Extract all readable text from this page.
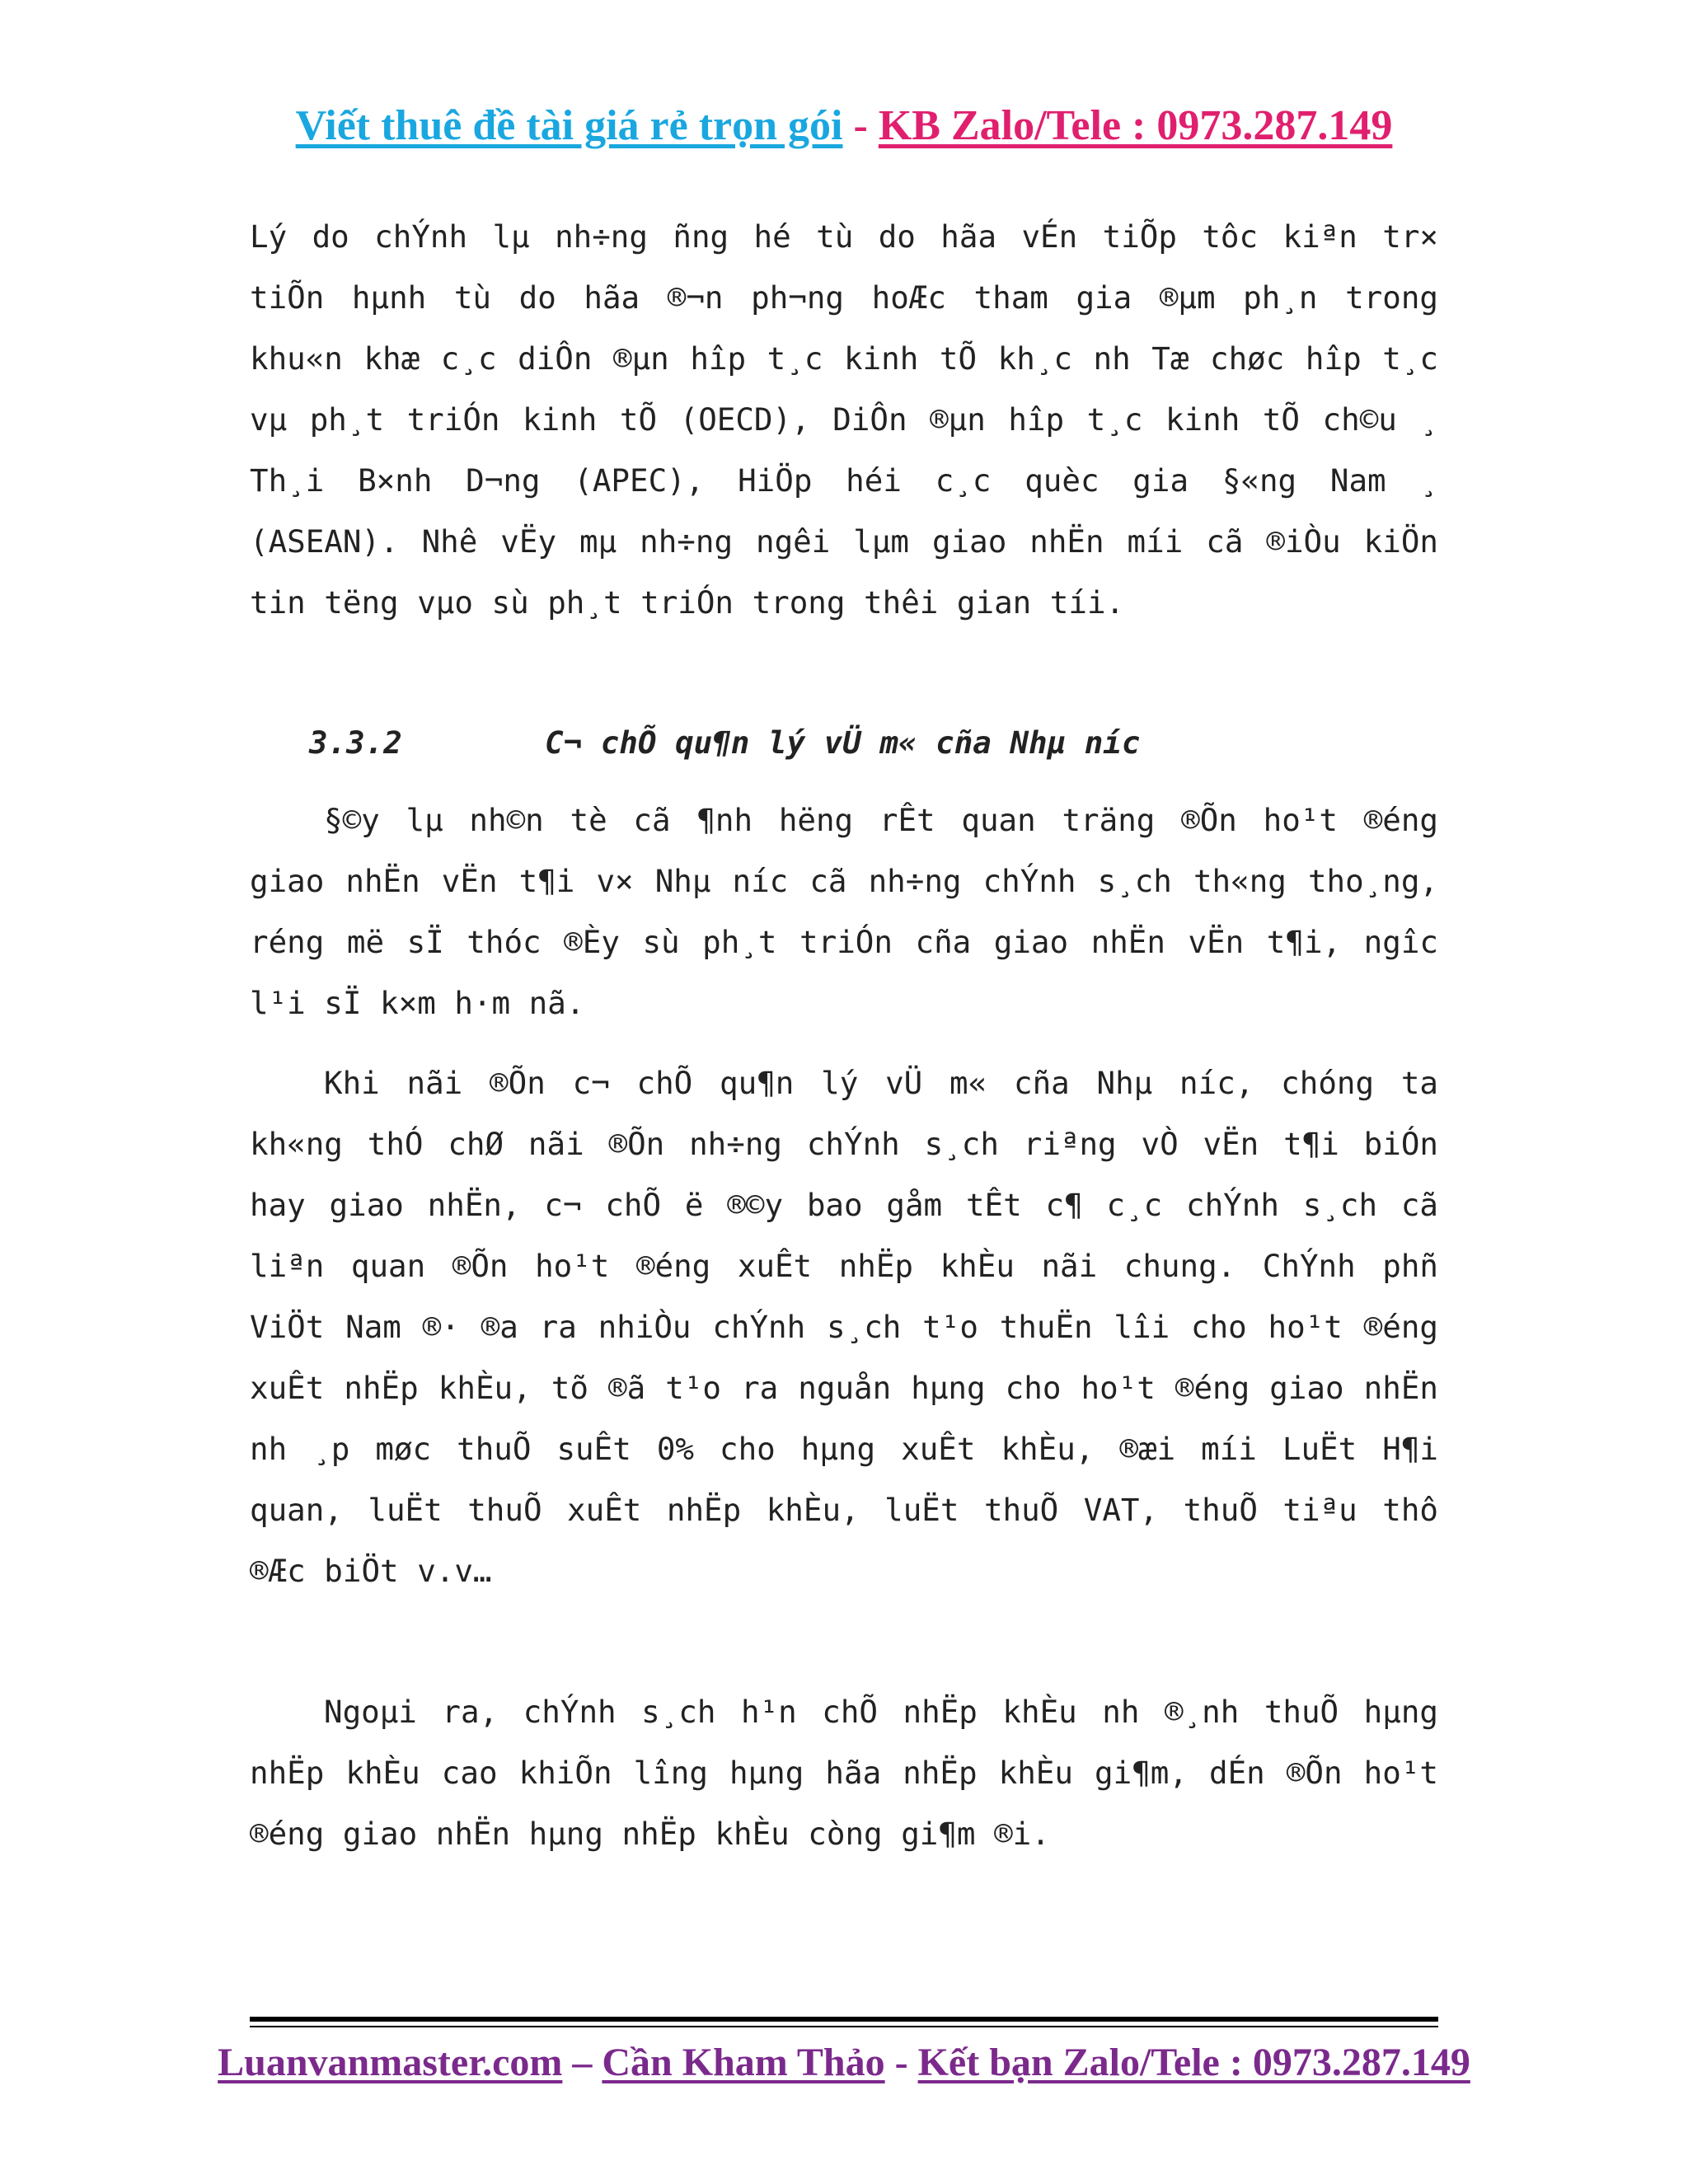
Viết thuê đề tài giá rẻ trọn gói - KB Zalo/Tele : 0973.287.149

Lý do chÝnh lµ nh÷ng ñng hé tù do hãa vÉn tiÕp tôc kiªn tr× tiÕn hµnh tù do hãa ®¬n ph¬ng hoÆc tham gia ®µm ph¸n trong khu«n khæ c¸c diÔn ®µn hîp t¸c kinh tÕ kh¸c nh Tæ chøc hîp t¸c vµ ph¸t triÓn kinh tÕ (OECD), DiÔn ®µn hîp t¸c kinh tÕ ch©u ¸ Th¸i B×nh D¬ng (APEC), HiÖp héi c¸c quèc gia §«ng Nam ¸ (ASEAN). Nhê vËy mµ nh÷ng ngêi lµm giao nhËn míi cã ®iÒu kiÖn tin tëng vµo sù ph¸t triÓn trong thêi gian tíi.

§©y lµ nh©n tè cã ¶nh hëng rÊt quan träng ®Õn ho¹t ®éng giao nhËn vËn t¶i v× Nhµ níc cã nh÷ng chÝnh s¸ch th«ng tho¸ng, réng më sÏ thóc ®Èy sù ph¸t triÓn cña giao nhËn vËn t¶i, ngîc l¹i sÏ k×m h·m nã.

Khi nãi ®Õn c¬ chÕ qu¶n lý vÜ m« cña Nhµ níc, chóng ta kh«ng thÓ chØ nãi ®Õn nh÷ng chÝnh s¸ch riªng vÒ vËn t¶i biÓn hay giao nhËn, c¬ chÕ ë ®©y bao gåm tÊt c¶ c¸c chÝnh s¸ch cã liªn quan ®Õn ho¹t ®éng xuÊt nhËp khÈu nãi chung. ChÝnh phñ ViÖt Nam ®· ®a ra nhiÒu chÝnh s¸ch t¹o thuËn lîi cho ho¹t ®éng xuÊt nhËp khÈu, tõ ®ã t¹o ra nguån hµng cho ho¹t ®éng giao nhËn nh ¸p møc thuÕ suÊt 0% cho hµng xuÊt khÈu, ®æi míi LuËt H¶i quan, luËt thuÕ xuÊt nhËp khÈu, luËt thuÕ VAT, thuÕ tiªu thô ®Æc biÖt v.v…

Ngoµi ra, chÝnh s¸ch h¹n chÕ nhËp khÈu nh ®¸nh thuÕ hµng nhËp khÈu cao khiÕn lîng hµng hãa nhËp khÈu gi¶m, dÉn ®Õn ho¹t ®éng giao nhËn hµng nhËp khÈu còng gi¶m ®i.

3.3.2	C¬ chÕ qu¶n lý vÜ m« cña Nhµ níc
Luanvanmaster.com – Cần Kham Thảo - Kết bạn Zalo/Tele : 0973.287.149
